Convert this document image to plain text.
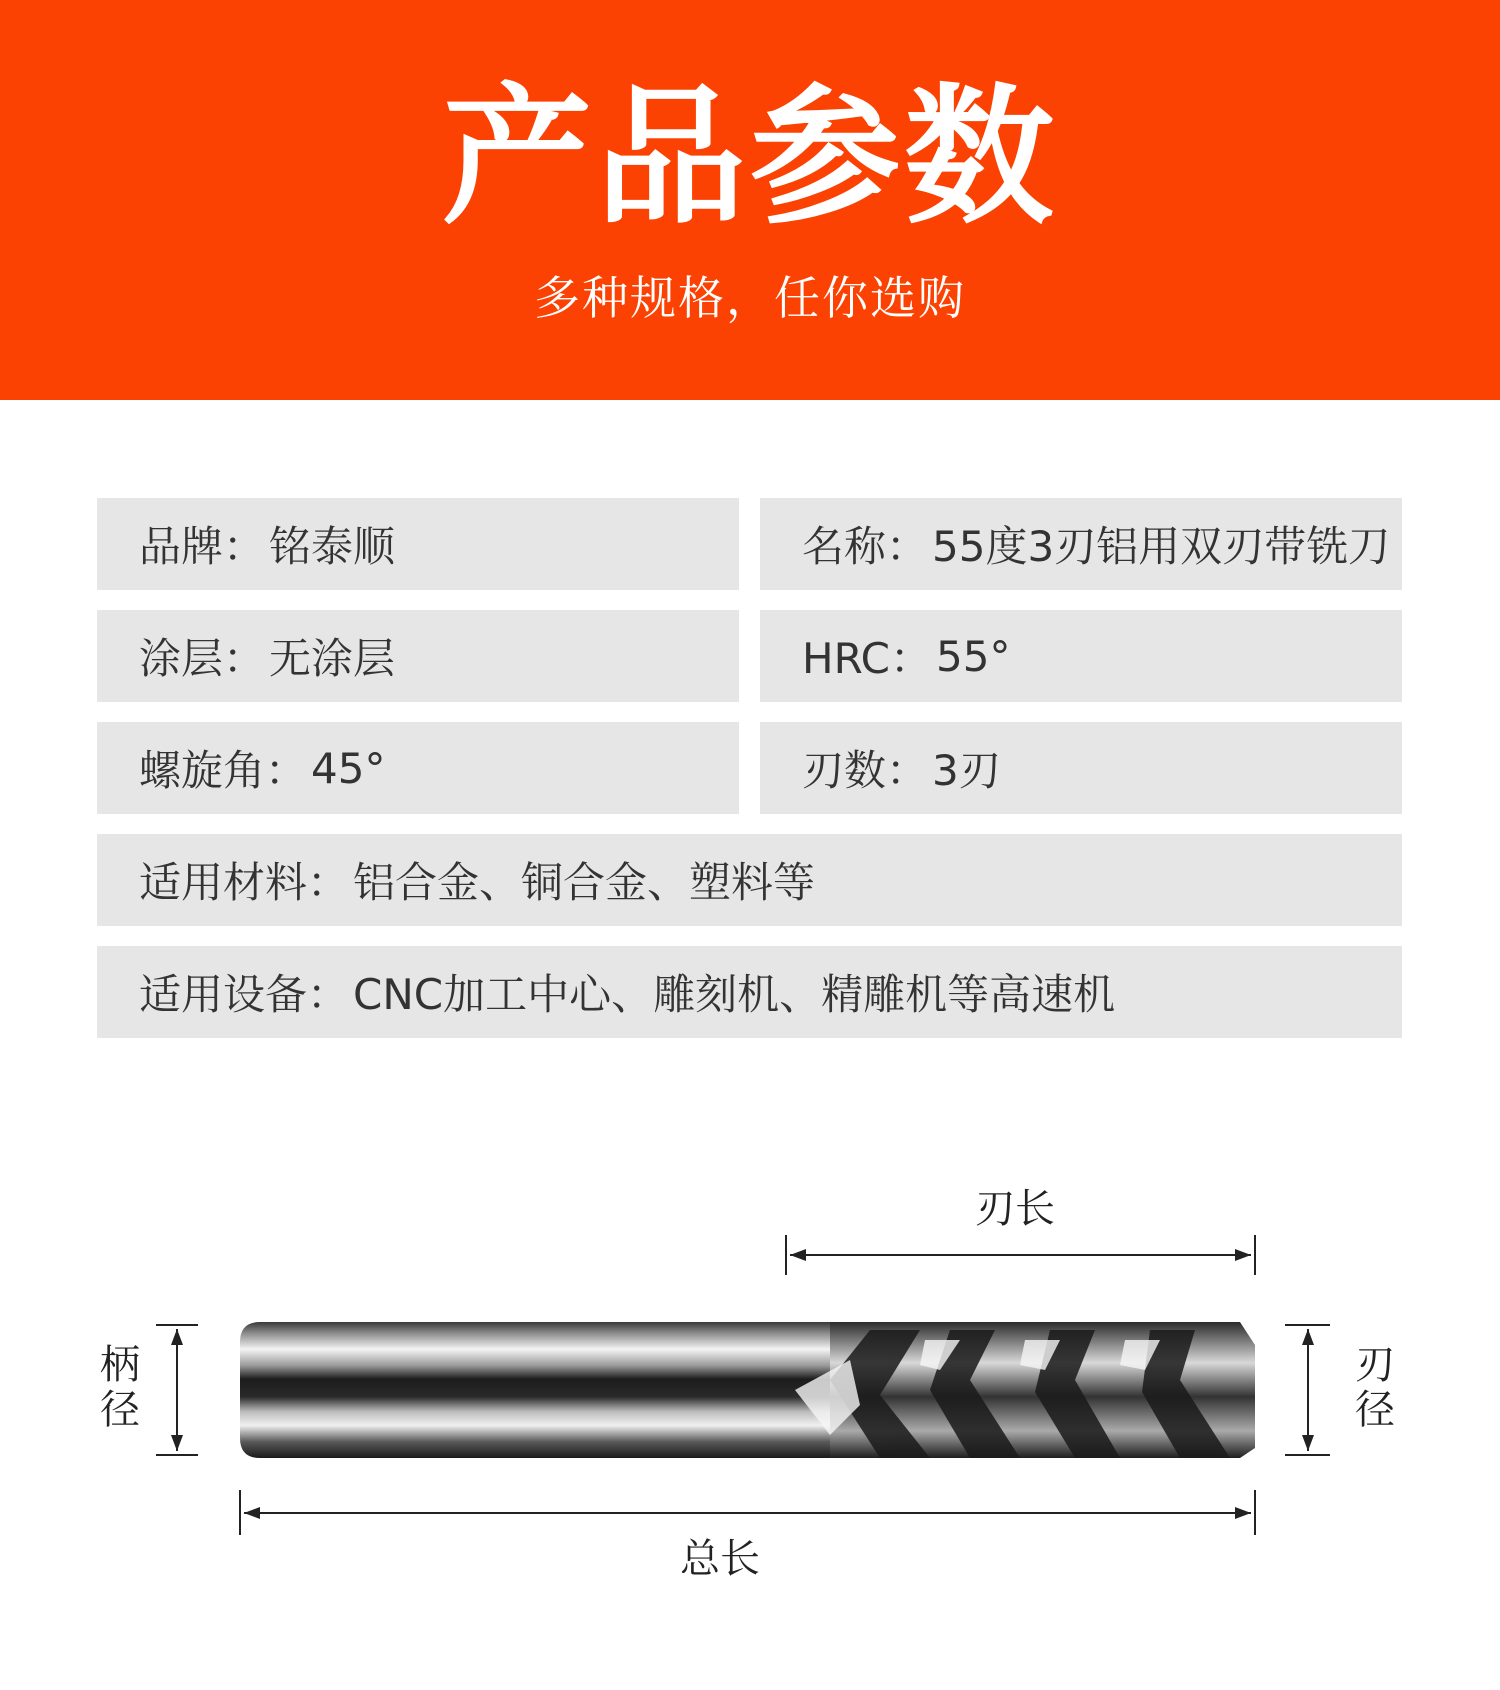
产品参数
多种规格，任你选购
品牌： 铭泰顺	名称： 55度3刃铝用双刃带铣刀
涂层： 无涂层	HRC： 55°
螺旋角： 45°	刃数： 3刃
适用材料： 铝合金、铜合金、塑料等
适用设备： CNC加工中心、雕刻机、精雕机等高速机
刃长
柄
径
刃
径
总长
